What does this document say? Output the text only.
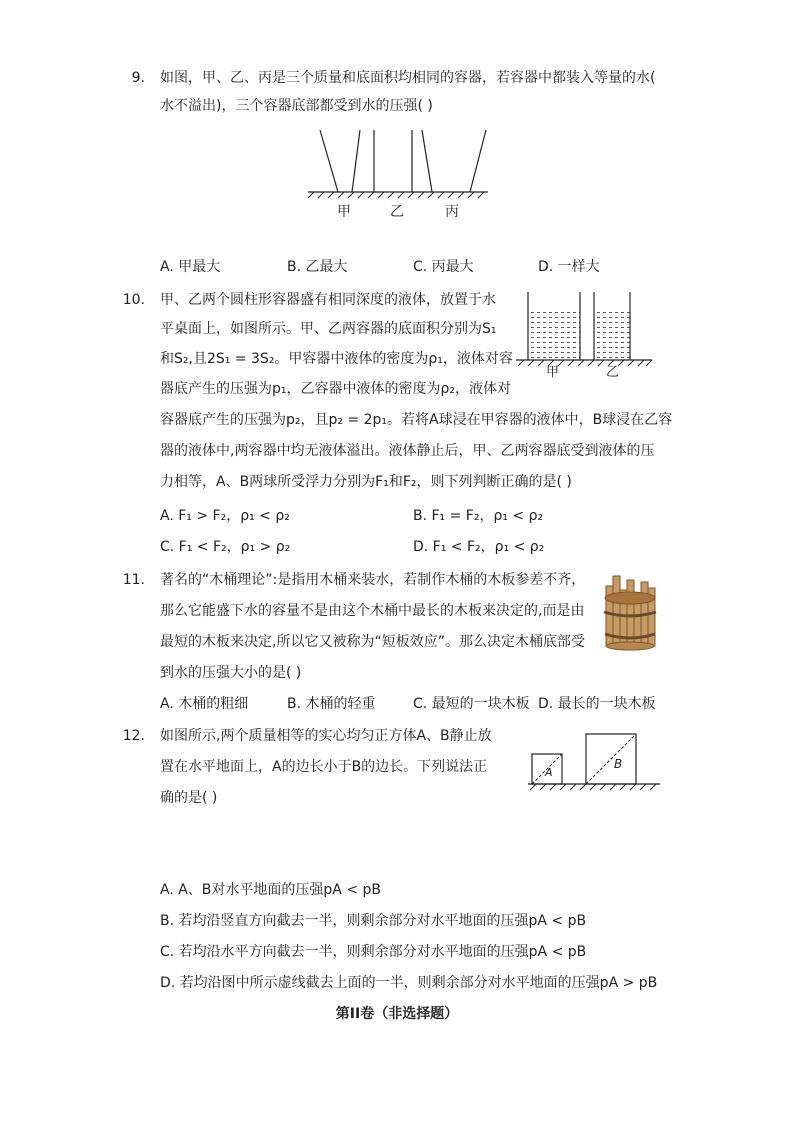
9. 如图，甲、乙、丙是三个质量和底面积均相同的容器，若容器中都装入等量的水(
水不溢出)，三个容器底部都受到水的压强( )
甲	乙	丙
A. 甲最大	B. 乙最大	C. 丙最大	D. 一样大
10. 甲、乙两个圆柱形容器盛有相同深度的液体，放置于水
平桌面上，如图所示。甲、乙两容器的底面积分别为S₁
和S₂,且2S₁ = 3S₂。甲容器中液体的密度为ρ₁，液体对容
器底产生的压强为p₁，乙容器中液体的密度为ρ₂，液体对
容器底产生的压强为p₂，且p₂ = 2p₁。若将A球浸在甲容器的液体中，B球浸在乙容
器的液体中,两容器中均无液体溢出。液体静止后，甲、乙两容器底受到液体的压
力相等，A、B两球所受浮力分别为F₁和F₂，则下列判断正确的是( )
甲	乙
A. F₁ > F₂，ρ₁ < ρ₂	B. F₁ = F₂，ρ₁ < ρ₂
C. F₁ < F₂，ρ₁ > ρ₂	D. F₁ < F₂，ρ₁ < ρ₂
11. 著名的“木桶理论”:是指用木桶来装水，若制作木桶的木板参差不齐，
那么它能盛下水的容量不是由这个木桶中最长的木板来决定的,而是由
最短的木板来决定,所以它又被称为“短板效应”。那么决定木桶底部受
到水的压强大小的是( )
A. 木桶的粗细	B. 木桶的轻重	C. 最短的一块木板 D. 最长的一块木板
12. 如图所示,两个质量相等的实心均匀正方体A、B静止放
置在水平地面上，A的边长小于B的边长。下列说法正
确的是( )
A
B
A. A、B对水平地面的压强pA < pB
B. 若均沿竖直方向截去一半，则剩余部分对水平地面的压强pA < pB
C. 若均沿水平方向截去一半，则剩余部分对水平地面的压强pA < pB
D. 若均沿图中所示虚线截去上面的一半，则剩余部分对水平地面的压强pA > pB
第II卷（非选择题）
